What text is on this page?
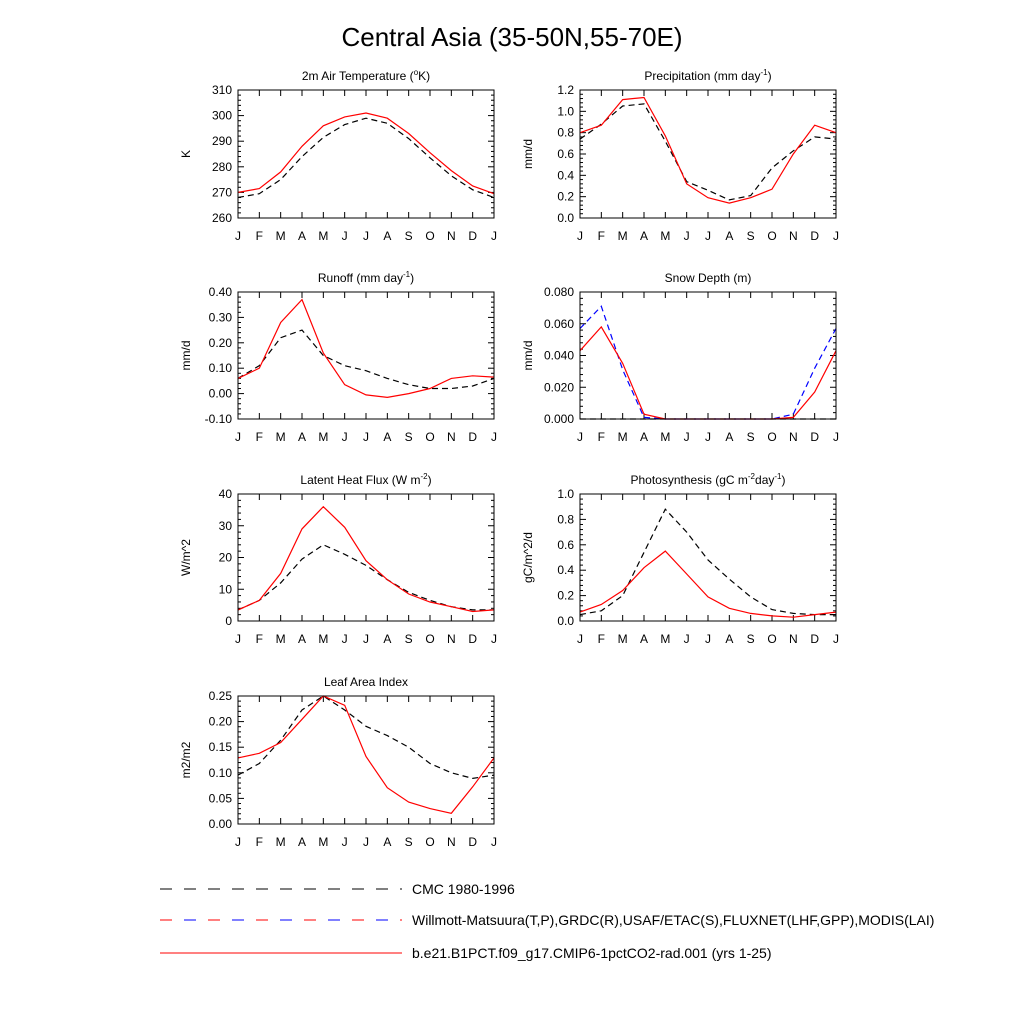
Central Asia (35-50N,55-70E)
2m Air Temperature ($^o$K)
K
260
270
280
290
300
310
J F M A M J J A S O N D J
Precipitation (mm day$^{-1}$)
mm/d
0.0
0.2
0.4
0.6
0.8
1.0
1.2
J F M A M J J A S O N D J
Runoff (mm day$^{-1}$)
mm/d
-0.10
0.00
0.10
0.20
0.30
0.40
J F M A M J J A S O N D J
Snow Depth (m)
mm/d
0.000
0.020
0.040
0.060
0.080
J F M A M J J A S O N D J
Latent Heat Flux (W $m^{-2}$)
W/m^2
0
10
20
30
40
J F M A M J J A S O N D J
Photosynthesis (gC $m^{-2}day^{-1}$)
gC/m^2/d
0.0
0.2
0.4
0.6
0.8
1.0
J F M A M J J A S O N D J
Leaf Area Index
m2/m2
0.00
0.05
0.10
0.15
0.20
0.25
J F M A M J J A S O N D J
CMC 1980-1996
Willmott-Matsuura(T,P),GRDC(R),USAF/ETAC(S),FLUXNET(LHF,GPP),MODIS(LAI)
b.e21.B1PCT.f09_g17.CMIP6-1pctCO2-rad.001 (yrs 1-25)
